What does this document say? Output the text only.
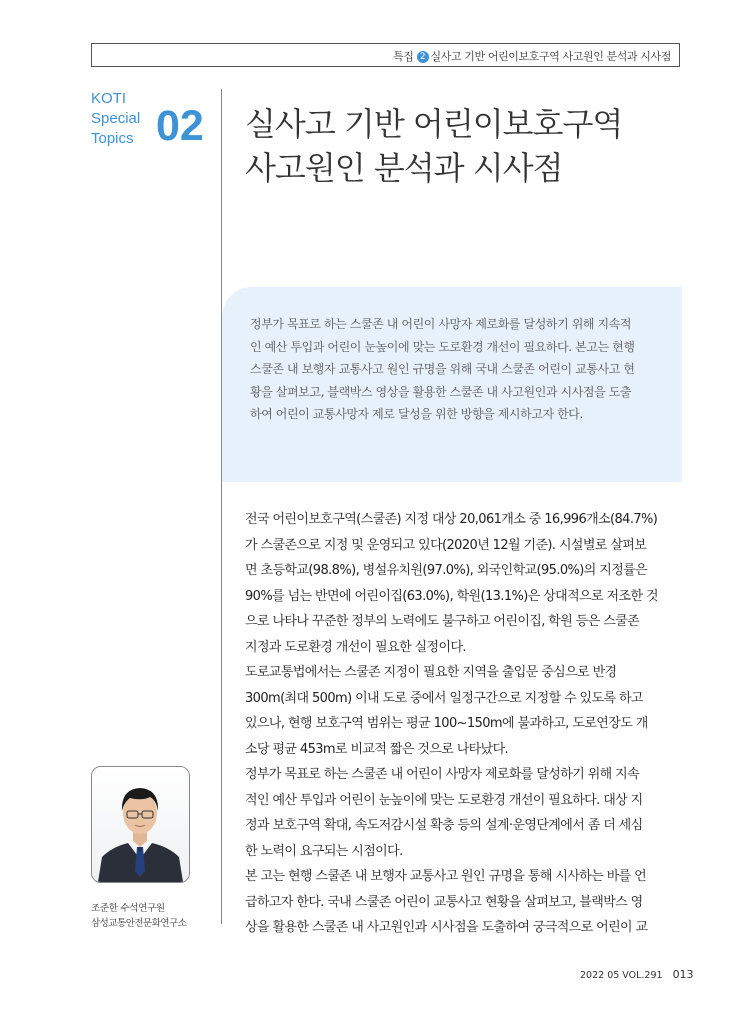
특집 2 실사고 기반 어린이보호구역 사고원인 분석과 시사점
KOTI
Special
Topics 02 실사고 기반 어린이보호구역
사고원인 분석과 시사점
정부가 목표로 하는 스쿨존 내 어린이 사망자 제로화를 달성하기 위해 지속적
인 예산 투입과 어린이 눈높이에 맞는 도로환경 개선이 필요하다. 본고는 현행
스쿨존 내 보행자 교통사고 원인 규명을 위해 국내 스쿨존 어린이 교통사고 현
황을 살펴보고, 블랙박스 영상을 활용한 스쿨존 내 사고원인과 시사점을 도출
하여 어린이 교통사망자 제로 달성을 위한 방향을 제시하고자 한다.
전국 어린이보호구역(스쿨존) 지정 대상 20,061개소 중 16,996개소(84.7%)
가 스쿨존으로 지정 및 운영되고 있다(2020년 12월 기준). 시설별로 살펴보
면 초등학교(98.8%), 병설유치원(97.0%), 외국인학교(95.0%)의 지정률은
90%를 넘는 반면에 어린이집(63.0%), 학원(13.1%)은 상대적으로 저조한 것
으로 나타나 꾸준한 정부의 노력에도 불구하고 어린이집, 학원 등은 스쿨존
지정과 도로환경 개선이 필요한 실정이다.
도로교통법에서는 스쿨존 지정이 필요한 지역을 출입문 중심으로 반경
300m(최대 500m) 이내 도로 중에서 일정구간으로 지정할 수 있도록 하고
있으나, 현행 보호구역 범위는 평균 100~150m에 불과하고, 도로연장도 개
소당 평균 453m로 비교적 짧은 것으로 나타났다.
정부가 목표로 하는 스쿨존 내 어린이 사망자 제로화를 달성하기 위해 지속
적인 예산 투입과 어린이 눈높이에 맞는 도로환경 개선이 필요하다. 대상 지
정과 보호구역 확대, 속도저감시설 확충 등의 설계·운영단계에서 좀 더 세심
한 노력이 요구되는 시점이다.
본 고는 현행 스쿨존 내 보행자 교통사고 원인 규명을 통해 시사하는 바를 언
급하고자 한다. 국내 스쿨존 어린이 교통사고 현황을 살펴보고, 블랙박스 영
상을 활용한 스쿨존 내 사고원인과 시사점을 도출하여 궁극적으로 어린이 교
조준한 수석연구원
삼성교통안전문화연구소
2022 05 VOL.291 013
